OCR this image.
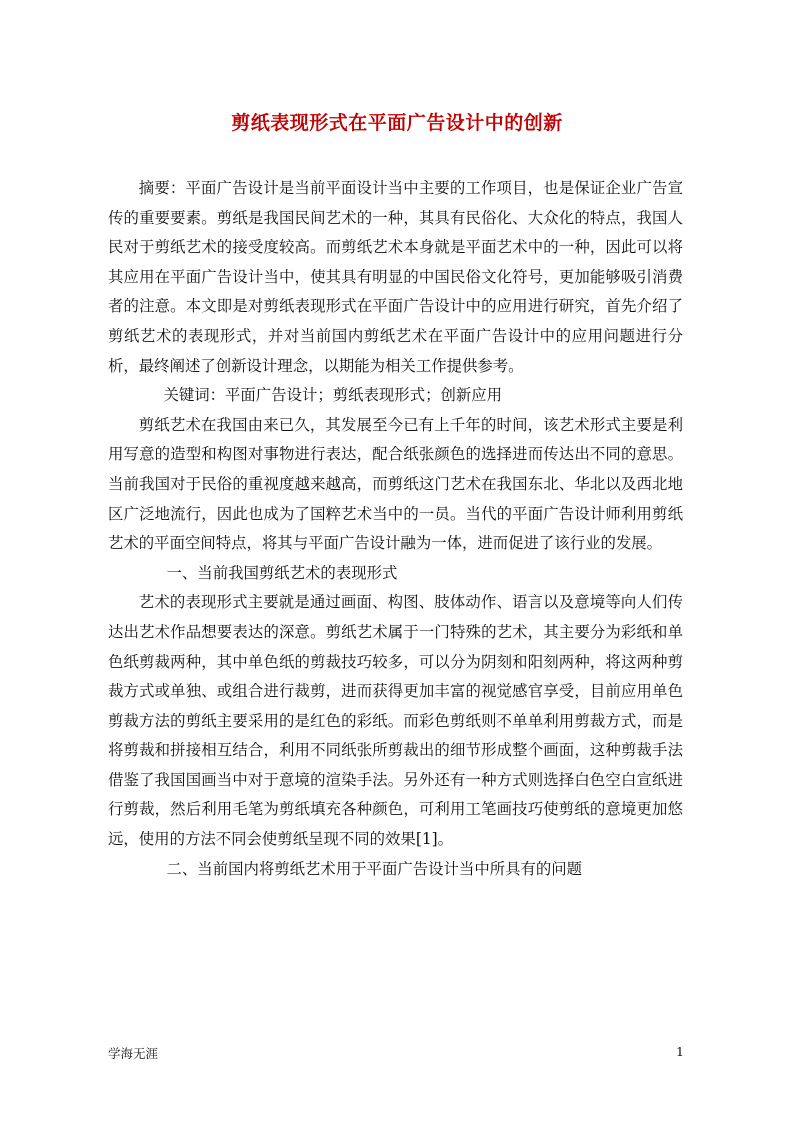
剪纸表现形式在平面广告设计中的创新

摘要：平面广告设计是当前平面设计当中主要的工作项目，也是保证企业广告宣传的重要要素。剪纸是我国民间艺术的一种，其具有民俗化、大众化的特点，我国人民对于剪纸艺术的接受度较高。而剪纸艺术本身就是平面艺术中的一种，因此可以将其应用在平面广告设计当中，使其具有明显的中国民俗文化符号，更加能够吸引消费者的注意。本文即是对剪纸表现形式在平面广告设计中的应用进行研究，首先介绍了剪纸艺术的表现形式，并对当前国内剪纸艺术在平面广告设计中的应用问题进行分析，最终阐述了创新设计理念，以期能为相关工作提供参考。

关键词：平面广告设计；剪纸表现形式；创新应用

剪纸艺术在我国由来已久，其发展至今已有上千年的时间，该艺术形式主要是利用写意的造型和构图对事物进行表达，配合纸张颜色的选择进而传达出不同的意思。当前我国对于民俗的重视度越来越高，而剪纸这门艺术在我国东北、华北以及西北地区广泛地流行，因此也成为了国粹艺术当中的一员。当代的平面广告设计师利用剪纸艺术的平面空间特点，将其与平面广告设计融为一体，进而促进了该行业的发展。

一、当前我国剪纸艺术的表现形式

艺术的表现形式主要就是通过画面、构图、肢体动作、语言以及意境等向人们传达出艺术作品想要表达的深意。剪纸艺术属于一门特殊的艺术，其主要分为彩纸和单色纸剪裁两种，其中单色纸的剪裁技巧较多，可以分为阴刻和阳刻两种，将这两种剪裁方式或单独、或组合进行裁剪，进而获得更加丰富的视觉感官享受，目前应用单色剪裁方法的剪纸主要采用的是红色的彩纸。而彩色剪纸则不单单利用剪裁方式，而是将剪裁和拼接相互结合，利用不同纸张所剪裁出的细节形成整个画面，这种剪裁手法借鉴了我国国画当中对于意境的渲染手法。另外还有一种方式则选择白色空白宣纸进行剪裁，然后利用毛笔为剪纸填充各种颜色，可利用工笔画技巧使剪纸的意境更加悠远，使用的方法不同会使剪纸呈现不同的效果[1]。

二、当前国内将剪纸艺术用于平面广告设计当中所具有的问题

学海无涯	1
